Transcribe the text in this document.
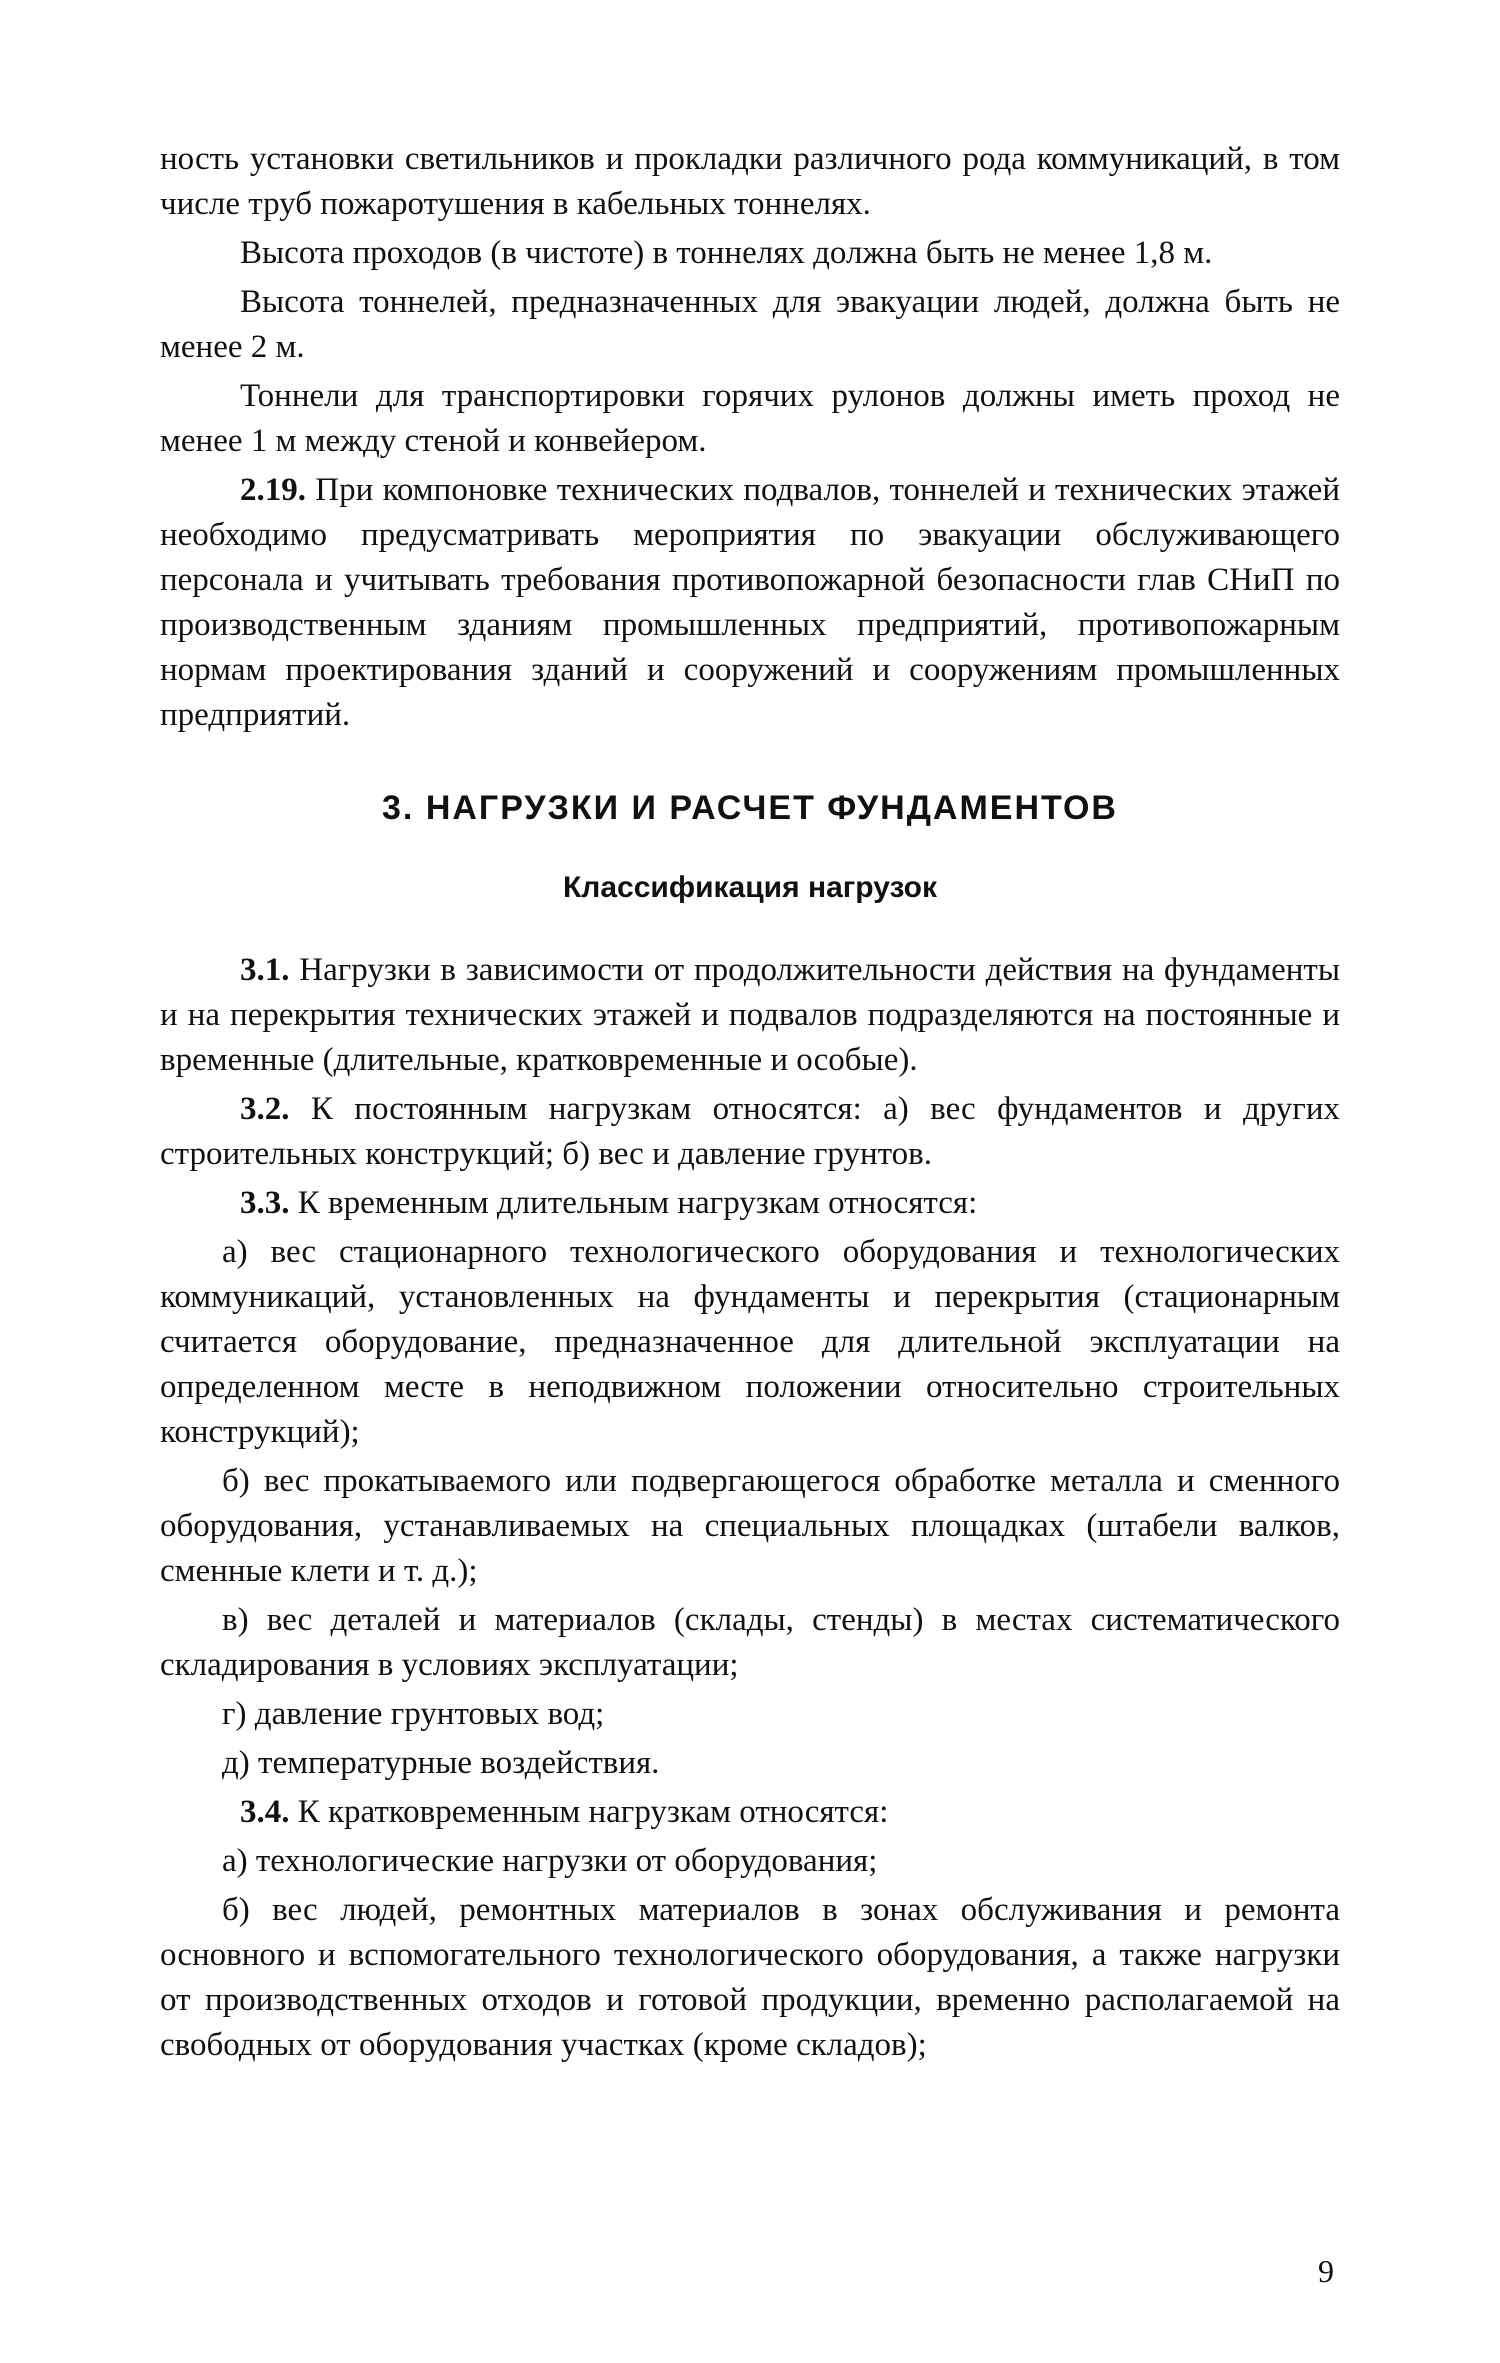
ность установки светильников и прокладки различного рода коммуникаций, в том числе труб пожаротушения в кабельных тоннелях.

Высота проходов (в чистоте) в тоннелях должна быть не менее 1,8 м.

Высота тоннелей, предназначенных для эвакуации людей, должна быть не менее 2 м.

Тоннели для транспортировки горячих рулонов должны иметь проход не менее 1 м между стеной и конвейером.

2.19. При компоновке технических подвалов, тоннелей и технических этажей необходимо предусматривать мероприятия по эвакуации обслуживающего персонала и учитывать требования противопожарной безопасности глав СНиП по производственным зданиям промышленных предприятий, противопожарным нормам проектирования зданий и сооружений и сооружениям промышленных предприятий.

3. НАГРУЗКИ И РАСЧЕТ ФУНДАМЕНТОВ
Классификация нагрузок

3.1. Нагрузки в зависимости от продолжительности действия на фундаменты и на перекрытия технических этажей и подвалов подразделяются на постоянные и временные (длительные, кратковременные и особые).

3.2. К постоянным нагрузкам относятся: а) вес фундаментов и других строительных конструкций; б) вес и давление грунтов.

3.3. К временным длительным нагрузкам относятся:

а) вес стационарного технологического оборудования и технологических коммуникаций, установленных на фундаменты и перекрытия (стационарным считается оборудование, предназначенное для длительной эксплуатации на определенном месте в неподвижном положении относительно строительных конструкций);

б) вес прокатываемого или подвергающегося обработке металла и сменного оборудования, устанавливаемых на специальных площадках (штабели валков, сменные клети и т. д.);

в) вес деталей и материалов (склады, стенды) в местах систематического складирования в условиях эксплуатации;

г) давление грунтовых вод;

д) температурные воздействия.

3.4. К кратковременным нагрузкам относятся:

а) технологические нагрузки от оборудования;

б) вес людей, ремонтных материалов в зонах обслуживания и ремонта основного и вспомогательного технологического оборудования, а также нагрузки от производственных отходов и готовой продукции, временно располагаемой на свободных от оборудования участках (кроме складов);

9
